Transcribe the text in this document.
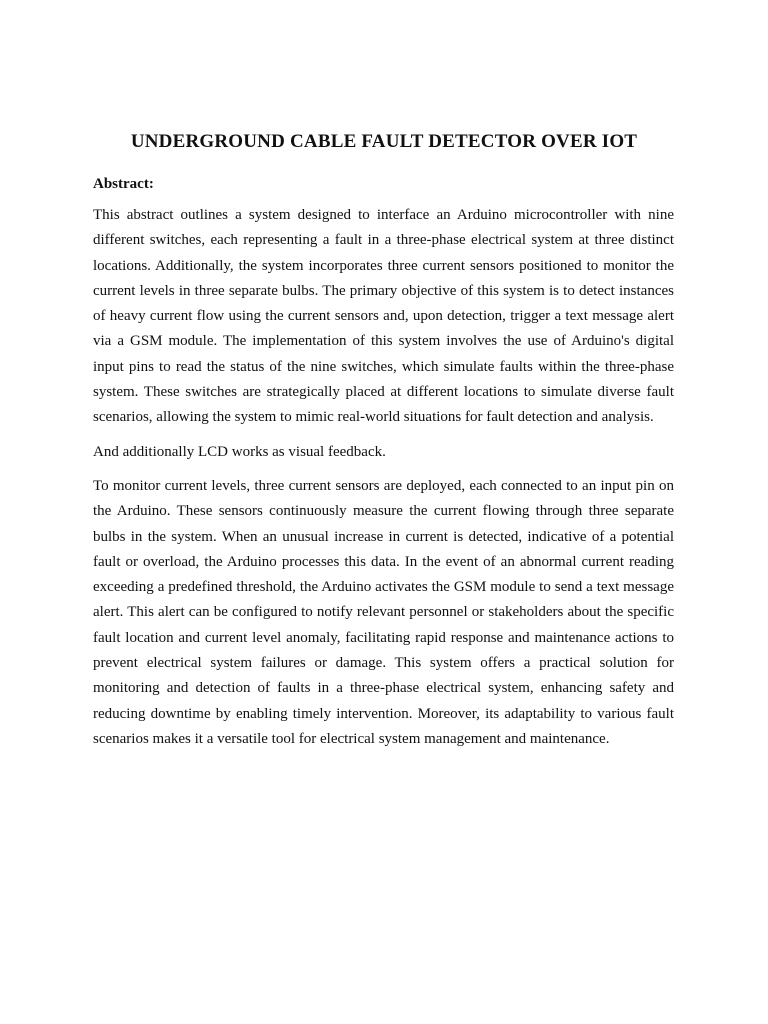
UNDERGROUND CABLE FAULT DETECTOR OVER IOT
Abstract:

This abstract outlines a system designed to interface an Arduino microcontroller with nine different switches, each representing a fault in a three-phase electrical system at three distinct locations. Additionally, the system incorporates three current sensors positioned to monitor the current levels in three separate bulbs. The primary objective of this system is to detect instances of heavy current flow using the current sensors and, upon detection, trigger a text message alert via a GSM module. The implementation of this system involves the use of Arduino's digital input pins to read the status of the nine switches, which simulate faults within the three-phase system. These switches are strategically placed at different locations to simulate diverse fault scenarios, allowing the system to mimic real-world situations for fault detection and analysis.

And additionally LCD works as visual feedback.

To monitor current levels, three current sensors are deployed, each connected to an input pin on the Arduino. These sensors continuously measure the current flowing through three separate bulbs in the system. When an unusual increase in current is detected, indicative of a potential fault or overload, the Arduino processes this data. In the event of an abnormal current reading exceeding a predefined threshold, the Arduino activates the GSM module to send a text message alert. This alert can be configured to notify relevant personnel or stakeholders about the specific fault location and current level anomaly, facilitating rapid response and maintenance actions to prevent electrical system failures or damage. This system offers a practical solution for monitoring and detection of faults in a three-phase electrical system, enhancing safety and reducing downtime by enabling timely intervention. Moreover, its adaptability to various fault scenarios makes it a versatile tool for electrical system management and maintenance.
